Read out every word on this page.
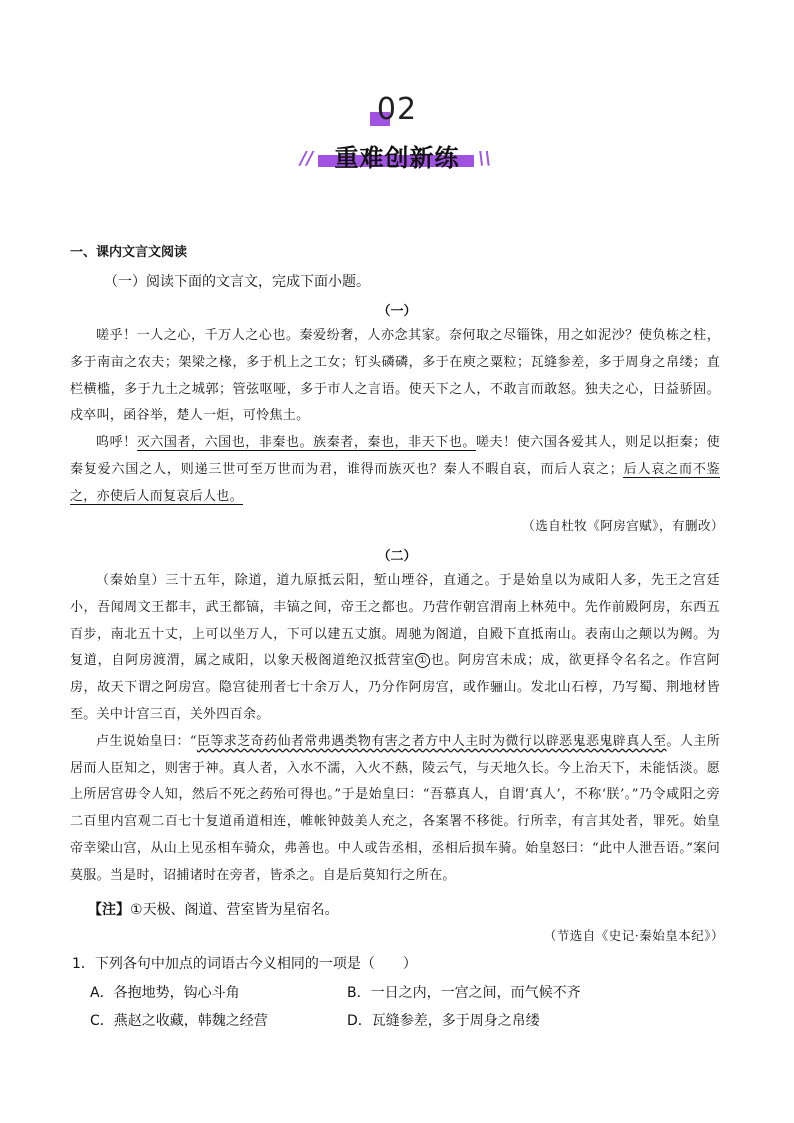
02
// 重难创新练	\\
一、课内文言文阅读
（一）阅读下面的文言文，完成下面小题。
（一）

嗟乎！一人之心，千万人之心也。秦爱纷奢，人亦念其家。奈何取之尽锱铢，用之如泥沙？使负栋之柱，多于南亩之农夫；架梁之椽，多于机上之工女；钉头磷磷，多于在庾之粟粒；瓦缝参差，多于周身之帛缕；直栏横槛，多于九土之城郭；管弦呕哑，多于市人之言语。使天下之人，不敢言而敢怒。独夫之心，日益骄固。戍卒叫，函谷举，楚人一炬，可怜焦土。

呜呼！灭六国者，六国也，非秦也。族秦者，秦也，非天下也。嗟夫！使六国各爱其人，则足以拒秦；使秦复爱六国之人，则递三世可至万世而为君，谁得而族灭也？秦人不暇自哀，而后人哀之；后人哀之而不鉴之，亦使后人而复哀后人也。

（选自杜牧《阿房宫赋》，有删改）
（二）

（秦始皇）三十五年，除道，道九原抵云阳，堑山堙谷，直通之。于是始皇以为咸阳人多，先王之宫廷小，吾闻周文王都丰，武王都镐，丰镐之间，帝王之都也。乃营作朝宫渭南上林苑中。先作前殿阿房，东西五百步，南北五十丈，上可以坐万人，下可以建五丈旗。周驰为阁道，自殿下直抵南山。表南山之颠以为阙。为复道，自阿房渡渭，属之咸阳，以象天极阁道绝汉抵营室 ① 也。阿房宫未成；成，欲更择令名名之。作宫阿房，故天下谓之阿房宫。隐宫徒刑者七十余万人，乃分作阿房宫，或作骊山。发北山石椁，乃写蜀、荆地材皆至。关中计宫三百，关外四百余。

卢生说始皇曰：“臣等求芝奇药仙者常弗遇类物有害之者方中人主时为微行以辟恶鬼恶鬼辟真人至。人主所居而人臣知之，则害于神。真人者，入水不濡，入火不爇，陵云气，与天地久长。今上治天下，未能恬淡。愿上所居宫毋令人知，然后不死之药殆可得也。”于是始皇曰：“吾慕真人，自谓‘真人’，不称‘朕’。”乃令咸阳之旁二百里内宫观二百七十复道甬道相连，帷帐钟鼓美人充之，各案署不移徙。行所幸，有言其处者，罪死。始皇帝幸梁山宫，从山上见丞相车骑众，弗善也。中人或告丞相，丞相后损车骑。始皇怒曰：“此中人泄吾语。”案问莫服。当是时，诏捕诸时在旁者，皆杀之。自是后莫知行之所在。

【注】①天极、阁道、营室皆为星宿名。
（节选自《史记·秦始皇本纪》）
1．下列各句中加点的词语古今义相同的一项是（　　）
A．各抱地势，钩心斗角	B．一日之内，一宫之间，而气候不齐
C．燕赵之收藏，韩魏之经营	D．瓦缝参差，多于周身之帛缕
